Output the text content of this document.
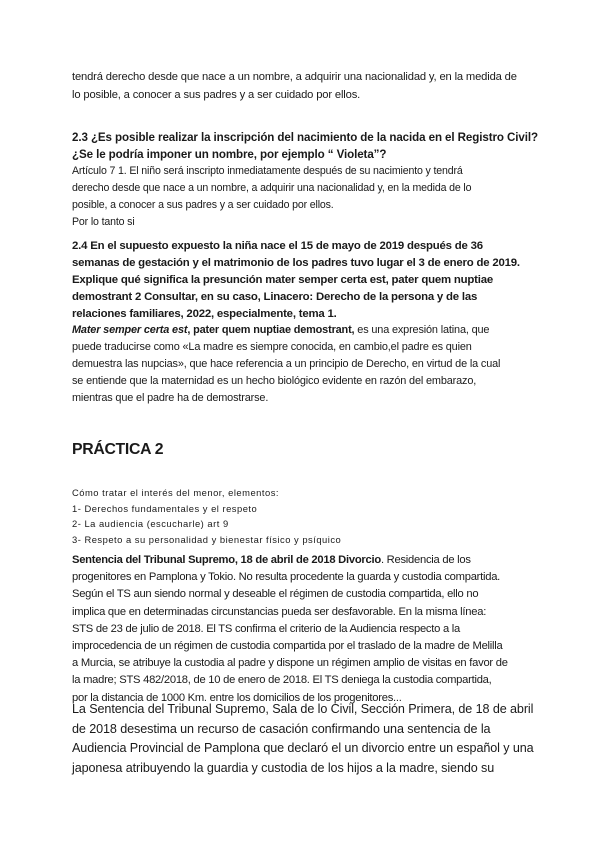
tendrá derecho desde que nace a un nombre, a adquirir una nacionalidad y, en la medida de
lo posible, a conocer a sus padres y a ser cuidado por ellos.
2.3 ¿Es posible realizar la inscripción del nacimiento de la nacida en el Registro Civil?
¿Se le podría imponer un nombre, por ejemplo “ Violeta”?
Artículo 7 1. El niño será inscripto inmediatamente después de su nacimiento y tendrá
derecho desde que nace a un nombre, a adquirir una nacionalidad y, en la medida de lo
posible, a conocer a sus padres y a ser cuidado por ellos.
Por lo tanto si
2.4 En el supuesto expuesto la niña nace el 15 de mayo de 2019 después de 36
semanas de gestación y el matrimonio de los padres tuvo lugar el 3 de enero de 2019.
Explique qué significa la presunción mater semper certa est, pater quem nuptiae
demostrant 2 Consultar, en su caso, Linacero: Derecho de la persona y de las
relaciones familiares, 2022, especialmente, tema 1.
Mater semper certa est, pater quem nuptiae demostrant, es una expresión latina, que
puede traducirse como «La madre es siempre conocida, en cambio,el padre es quien
demuestra las nupcias», que hace referencia a un principio de Derecho, en virtud de la cual
se entiende que la maternidad es un hecho biológico evidente en razón del embarazo,
mientras que el padre ha de demostrarse.
PRÁCTICA 2
Cómo tratar el interés del menor, elementos:
1- Derechos fundamentales y el respeto
2- La audiencia (escucharle) art 9
3- Respeto a su personalidad y bienestar físico y psíquico
Sentencia del Tribunal Supremo, 18 de abril de 2018 Divorcio. Residencia de los
progenitores en Pamplona y Tokio. No resulta procedente la guarda y custodia compartida.
Según el TS aun siendo normal y deseable el régimen de custodia compartida, ello no
implica que en determinadas circunstancias pueda ser desfavorable. En la misma línea:
STS de 23 de julio de 2018. El TS confirma el criterio de la Audiencia respecto a la
improcedencia de un régimen de custodia compartida por el traslado de la madre de Melilla
a Murcia, se atribuye la custodia al padre y dispone un régimen amplio de visitas en favor de
la madre; STS 482/2018, de 10 de enero de 2018. El TS deniega la custodia compartida,
por la distancia de 1000 Km. entre los domicilios de los progenitores...
La Sentencia del Tribunal Supremo, Sala de lo Civil, Sección Primera, de 18 de abril
de 2018 desestima un recurso de casación confirmando una sentencia de la
Audiencia Provincial de Pamplona que declaró el un divorcio entre un español y una
japonesa atribuyendo la guardia y custodia de los hijos a la madre, siendo su
